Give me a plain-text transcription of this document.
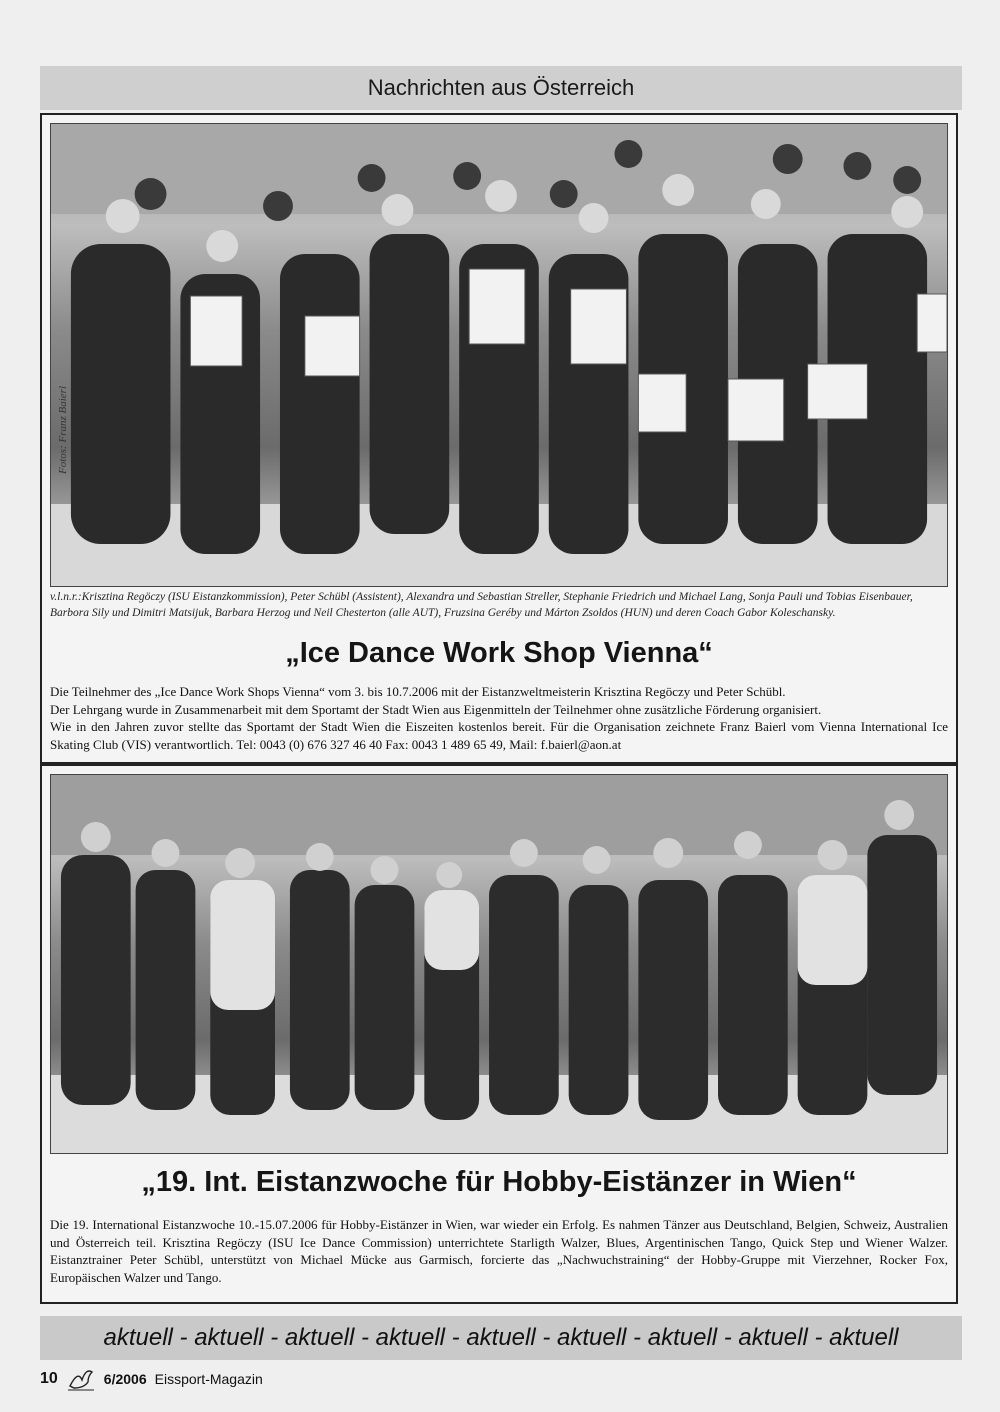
Nachrichten aus Österreich
Fotos: Franz Baierl
v.l.n.r.:Krisztina Regöczy (ISU Eistanzkommission), Peter Schübl (Assistent), Alexandra und Sebastian Streller, Stephanie Friedrich und Michael Lang, Sonja Pauli und Tobias Eisenbauer, Barbora Sily und Dimitri Matsijuk, Barbara Herzog und Neil Chesterton (alle AUT), Fruzsina Geréby und Márton Zsoldos (HUN) und deren Coach Gabor Koleschansky.
„Ice Dance Work Shop Vienna“

Die Teilnehmer des „Ice Dance Work Shops Vienna“ vom 3. bis 10.7.2006 mit der Eistanzweltmeisterin Krisztina Regöczy und Peter Schübl.

Der Lehrgang wurde in Zusammenarbeit mit dem Sportamt der Stadt Wien aus Eigenmitteln der Teilnehmer ohne zusätzliche Förderung organisiert.

Wie in den Jahren zuvor stellte das Sportamt der Stadt Wien die Eiszeiten kostenlos bereit. Für die Organisation zeichnete Franz Baierl vom Vienna International Ice Skating Club (VIS) verantwortlich. Tel: 0043 (0) 676 327 46 40 Fax: 0043 1 489 65 49, Mail: f.baierl@aon.at

„19. Int. Eistanzwoche für Hobby-Eistänzer in Wien“

Die 19. International Eistanzwoche 10.-15.07.2006 für Hobby-Eistänzer in Wien, war wieder ein Erfolg. Es nahmen Tänzer aus Deutschland, Belgien, Schweiz, Australien und Österreich teil. Krisztina Regöczy (ISU Ice Dance Commission) unterrichtete Starligth Walzer, Blues, Argentinischen Tango, Quick Step und Wiener Walzer. Eistanztrainer Peter Schübl, unterstützt von Michael Mücke aus Garmisch, forcierte das „Nachwuchstraining“ der Hobby-Gruppe mit Vierzehner, Rocker Fox, Europäischen Walzer und Tango.

aktuell - aktuell - aktuell - aktuell - aktuell - aktuell - aktuell - aktuell - aktuell
10	6/2006 Eissport-Magazin
